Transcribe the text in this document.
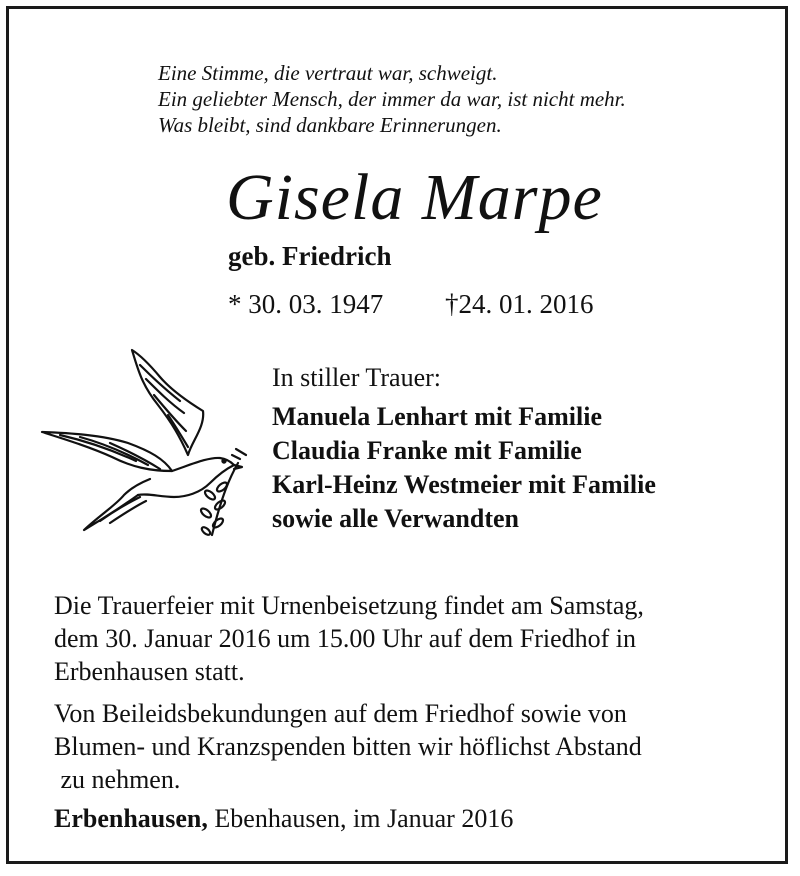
Eine Stimme, die vertraut war, schweigt.
Ein geliebter Mensch, der immer da war, ist nicht mehr.
Was bleibt, sind dankbare Erinnerungen.
Gisela Marpe
geb. Friedrich
* 30. 03. 1947 †24. 01. 2016
In stiller Trauer:
Manuela Lenhart mit Familie
Claudia Franke mit Familie
Karl-Heinz Westmeier mit Familie
sowie alle Verwandten
Die Trauerfeier mit Urnenbeisetzung findet am Samstag,
dem 30. Januar 2016 um 15.00 Uhr auf dem Friedhof in
Erbenhausen statt.
Von Beileidsbekundungen auf dem Friedhof sowie von
Blumen- und Kranzspenden bitten wir höflichst Abstand
zu nehmen.
Erbenhausen, Ebenhausen, im Januar 2016
